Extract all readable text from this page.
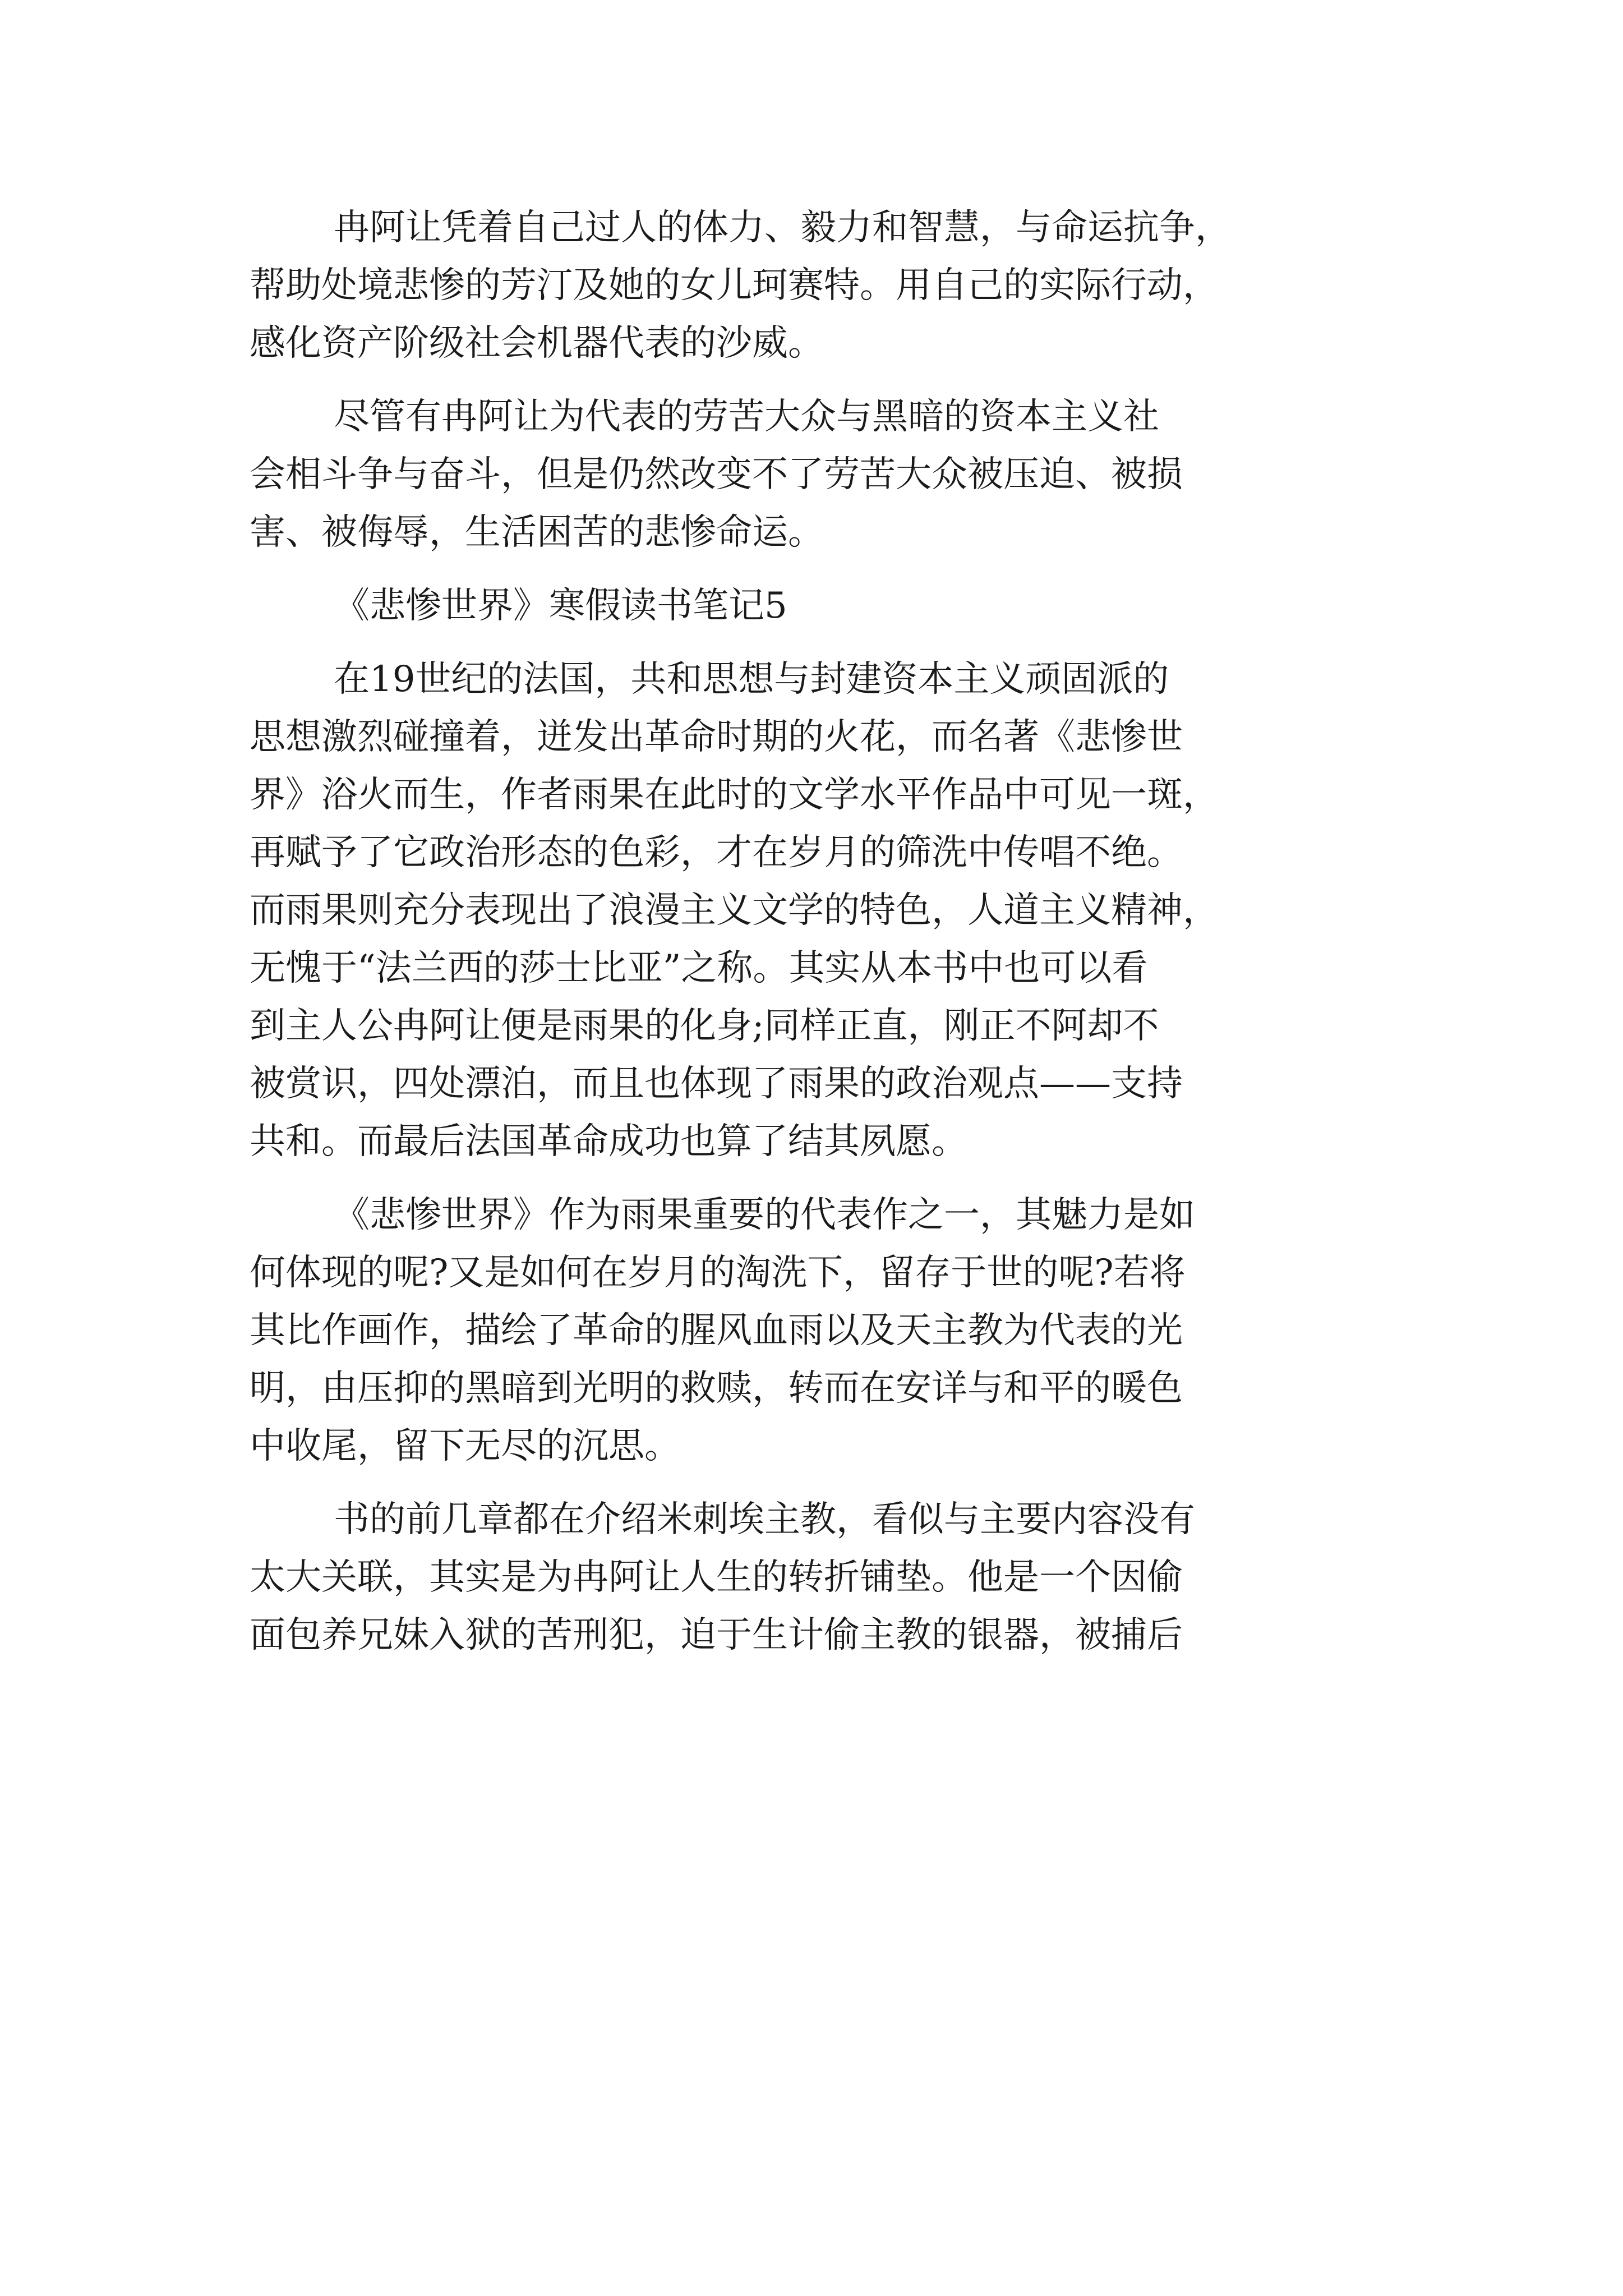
冉阿让凭着自己过人的体力、毅力和智慧，与命运抗争，
帮助处境悲惨的芳汀及她的女儿珂赛特。用自己的实际行动，
感化资产阶级社会机器代表的沙威。
尽管有冉阿让为代表的劳苦大众与黑暗的资本主义社
会相斗争与奋斗，但是仍然改变不了劳苦大众被压迫、被损
害、被侮辱，生活困苦的悲惨命运。
《悲惨世界》寒假读书笔记5
在19世纪的法国，共和思想与封建资本主义顽固派的
思想激烈碰撞着，迸发出革命时期的火花，而名著《悲惨世
界》浴火而生，作者雨果在此时的文学水平作品中可见一斑，
再赋予了它政治形态的色彩，才在岁月的筛洗中传唱不绝。
而雨果则充分表现出了浪漫主义文学的特色，人道主义精神，
无愧于“法兰西的莎士比亚”之称。其实从本书中也可以看
到主人公冉阿让便是雨果的化身;同样正直，刚正不阿却不
被赏识，四处漂泊，而且也体现了雨果的政治观点——支持
共和。而最后法国革命成功也算了结其夙愿。
《悲惨世界》作为雨果重要的代表作之一，其魅力是如
何体现的呢?又是如何在岁月的淘洗下，留存于世的呢?若将
其比作画作，描绘了革命的腥风血雨以及天主教为代表的光
明，由压抑的黑暗到光明的救赎，转而在安详与和平的暖色
中收尾，留下无尽的沉思。
书的前几章都在介绍米刺埃主教，看似与主要内容没有
太大关联，其实是为冉阿让人生的转折铺垫。他是一个因偷
面包养兄妹入狱的苦刑犯，迫于生计偷主教的银器，被捕后
